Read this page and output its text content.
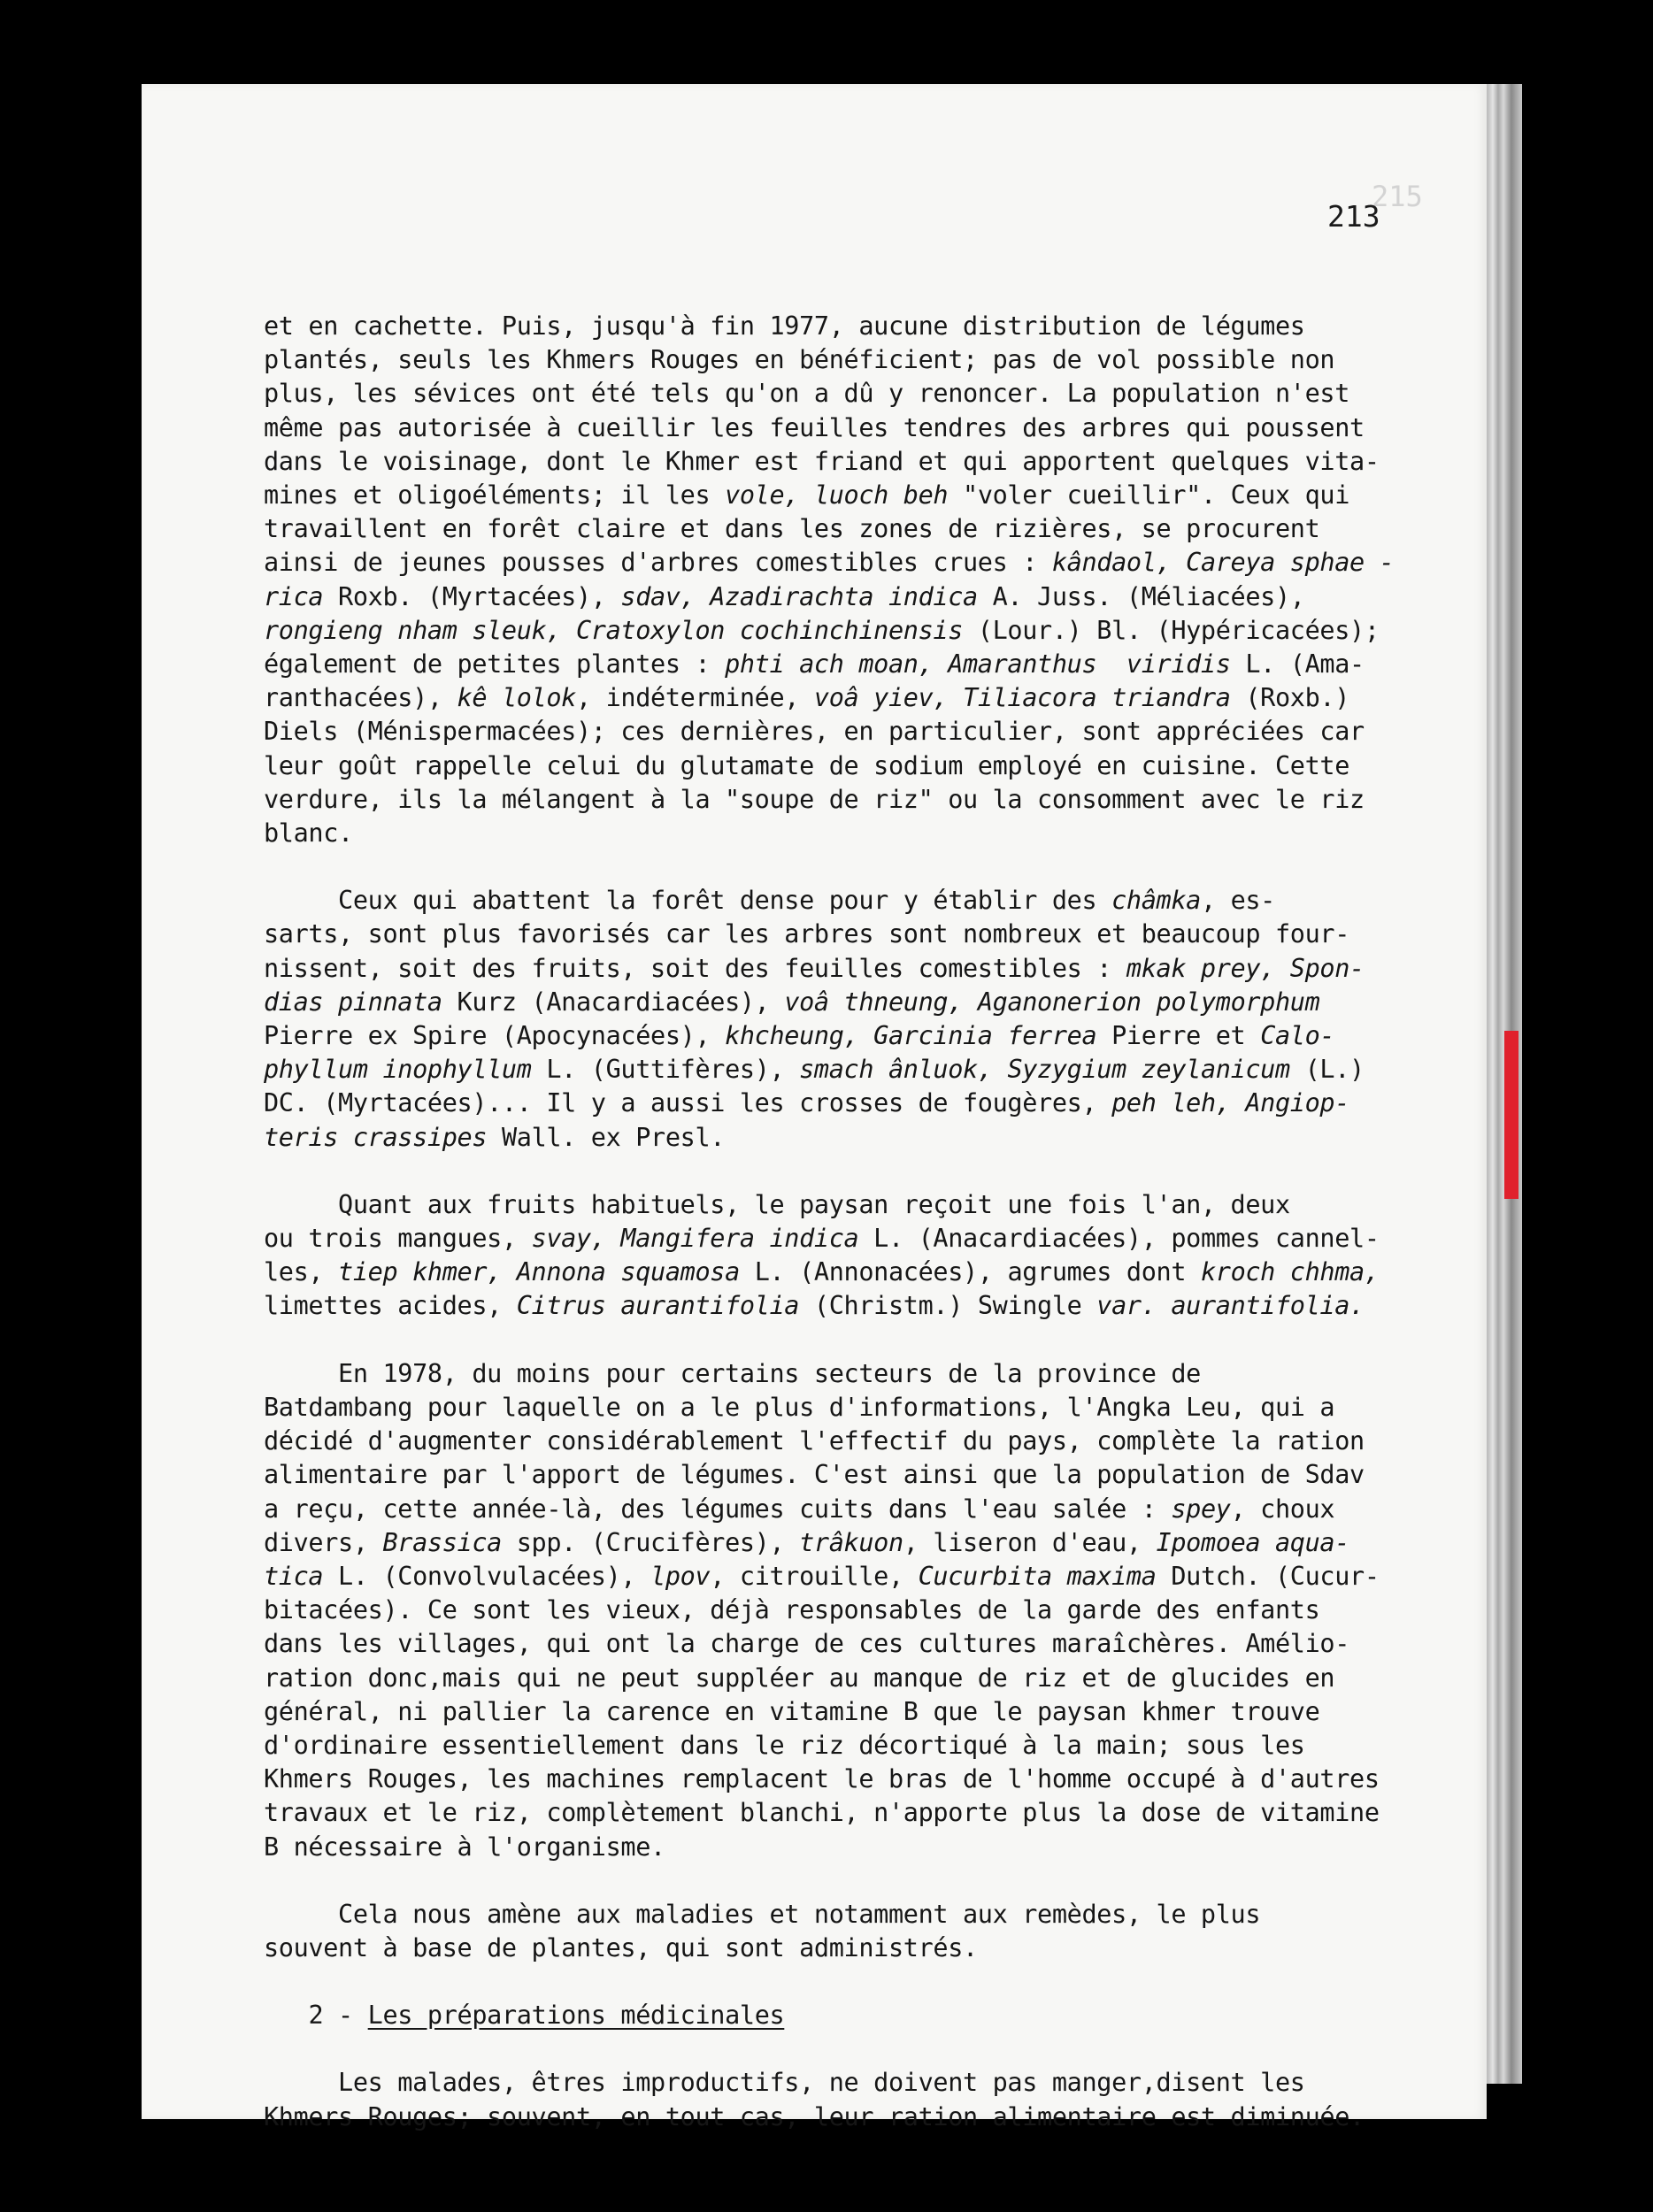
215
213
et en cachette. Puis, jusqu'à fin 1977, aucune distribution de légumes
plantés, seuls les Khmers Rouges en bénéficient; pas de vol possible non
plus, les sévices ont été tels qu'on a dû y renoncer. La population n'est
même pas autorisée à cueillir les feuilles tendres des arbres qui poussent
dans le voisinage, dont le Khmer est friand et qui apportent quelques vita-
mines et oligoéléments; il les vole, luoch beh "voler cueillir". Ceux qui
travaillent en forêt claire et dans les zones de rizières, se procurent
ainsi de jeunes pousses d'arbres comestibles crues : kândaol, Careya sphae -
rica Roxb. (Myrtacées), sdav, Azadirachta indica A. Juss. (Méliacées),
rongieng nham sleuk, Cratoxylon cochinchinensis (Lour.) Bl. (Hypéricacées);
également de petites plantes : phti ach moan, Amaranthus  viridis L. (Ama-
ranthacées), kê lolok, indéterminée, voâ yiev, Tiliacora triandra (Roxb.)
Diels (Ménispermacées); ces dernières, en particulier, sont appréciées car
leur goût rappelle celui du glutamate de sodium employé en cuisine. Cette
verdure, ils la mélangent à la "soupe de riz" ou la consomment avec le riz
blanc.
Ceux qui abattent la forêt dense pour y établir des châmka, es-
sarts, sont plus favorisés car les arbres sont nombreux et beaucoup four-
nissent, soit des fruits, soit des feuilles comestibles : mkak prey, Spon-
dias pinnata Kurz (Anacardiacées), voâ thneung, Aganonerion polymorphum
Pierre ex Spire (Apocynacées), khcheung, Garcinia ferrea Pierre et Calo-
phyllum inophyllum L. (Guttifères), smach ânluok, Syzygium zeylanicum (L.)
DC. (Myrtacées)... Il y a aussi les crosses de fougères, peh leh, Angiop-
teris crassipes Wall. ex Presl.
Quant aux fruits habituels, le paysan reçoit une fois l'an, deux
ou trois mangues, svay, Mangifera indica L. (Anacardiacées), pommes cannel-
les, tiep khmer, Annona squamosa L. (Annonacées), agrumes dont kroch chhma,
limettes acides, Citrus aurantifolia (Christm.) Swingle var. aurantifolia.
En 1978, du moins pour certains secteurs de la province de
Batdambang pour laquelle on a le plus d'informations, l'Angka Leu, qui a
décidé d'augmenter considérablement l'effectif du pays, complète la ration
alimentaire par l'apport de légumes. C'est ainsi que la population de Sdav
a reçu, cette année-là, des légumes cuits dans l'eau salée : spey, choux
divers, Brassica spp. (Crucifères), trâkuon, liseron d'eau, Ipomoea aqua-
tica L. (Convolvulacées), lpov, citrouille, Cucurbita maxima Dutch. (Cucur-
bitacées). Ce sont les vieux, déjà responsables de la garde des enfants
dans les villages, qui ont la charge de ces cultures maraîchères. Amélio-
ration donc,mais qui ne peut suppléer au manque de riz et de glucides en
général, ni pallier la carence en vitamine B que le paysan khmer trouve
d'ordinaire essentiellement dans le riz décortiqué à la main; sous les
Khmers Rouges, les machines remplacent le bras de l'homme occupé à d'autres
travaux et le riz, complètement blanchi, n'apporte plus la dose de vitamine
B nécessaire à l'organisme.
Cela nous amène aux maladies et notamment aux remèdes, le plus
souvent à base de plantes, qui sont administrés.
2 - Les préparations médicinales
Les malades, êtres improductifs, ne doivent pas manger,disent les
Khmers Rouges; souvent, en tout cas, leur ration alimentaire est diminuée.
